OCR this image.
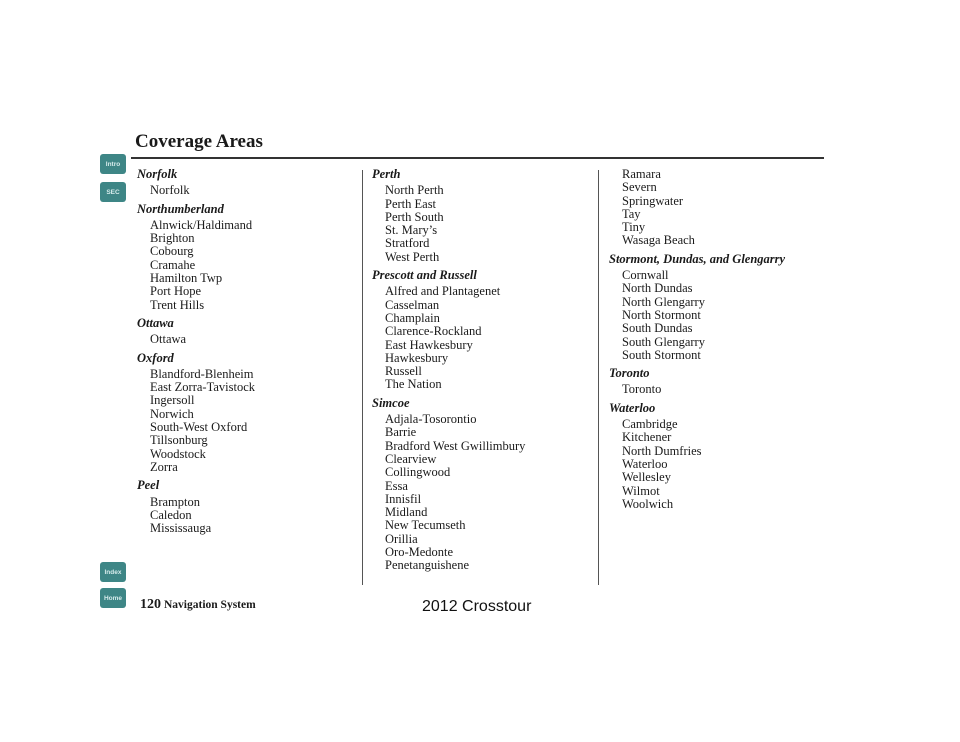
Coverage Areas
Intro
SEC
Index
Home
Norfolk
Norfolk
Northumberland
Alnwick/Haldimand
Brighton
Cobourg
Cramahe
Hamilton Twp
Port Hope
Trent Hills
Ottawa
Ottawa
Oxford
Blandford-Blenheim
East Zorra-Tavistock
Ingersoll
Norwich
South-West Oxford
Tillsonburg
Woodstock
Zorra
Peel
Brampton
Caledon
Mississauga
Perth
North Perth
Perth East
Perth South
St. Mary’s
Stratford
West Perth
Prescott and Russell
Alfred and Plantagenet
Casselman
Champlain
Clarence-Rockland
East Hawkesbury
Hawkesbury
Russell
The Nation
Simcoe
Adjala-Tosorontio
Barrie
Bradford West Gwillimbury
Clearview
Collingwood
Essa
Innisfil
Midland
New Tecumseth
Orillia
Oro-Medonte
Penetanguishene
Ramara
Severn
Springwater
Tay
Tiny
Wasaga Beach
Stormont, Dundas, and Glengarry
Cornwall
North Dundas
North Glengarry
North Stormont
South Dundas
South Glengarry
South Stormont
Toronto
Toronto
Waterloo
Cambridge
Kitchener
North Dumfries
Waterloo
Wellesley
Wilmot
Woolwich
120 Navigation System	2012 Crosstour
